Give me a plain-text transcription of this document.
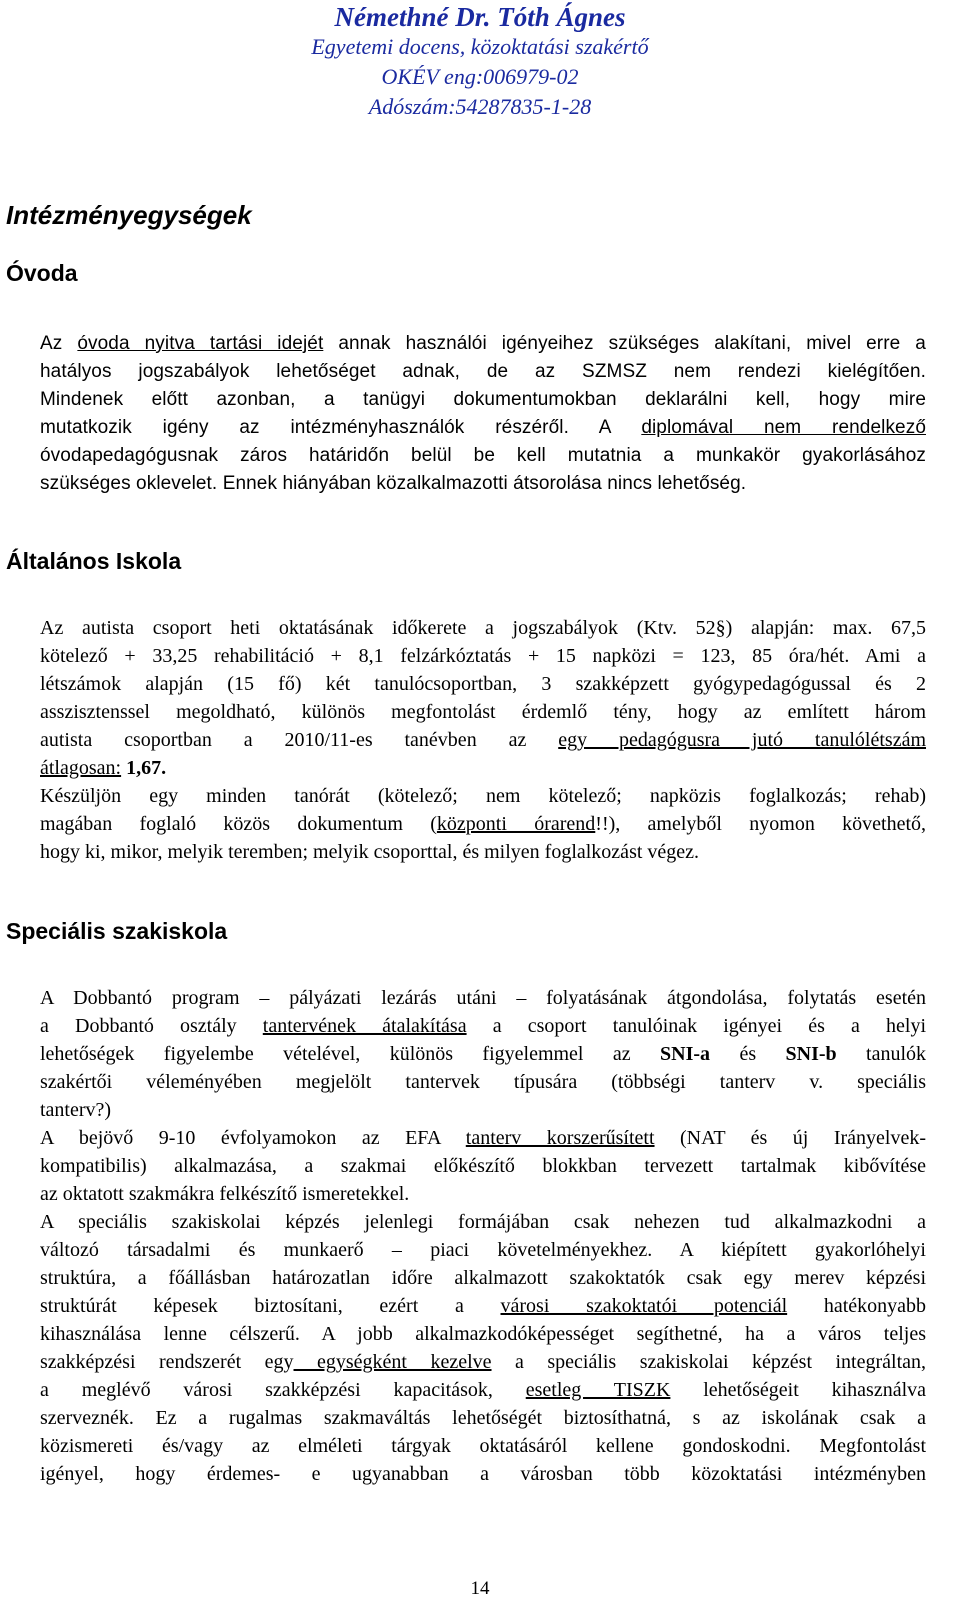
Némethné Dr. Tóth Ágnes
Egyetemi docens, közoktatási szakértő
OKÉV eng:006979-02
Adószám:54287835-1-28
Intézményegységek
Óvoda
Az óvoda nyitva tartási idejét annak használói igényeihez szükséges alakítani, mivel erre a
hatályos jogszabályok lehetőséget adnak, de az SZMSZ nem rendezi kielégítően.
Mindenek előtt azonban, a tanügyi dokumentumokban deklarálni kell, hogy mire
mutatkozik igény az intézményhasználók részéről. A diplomával nem rendelkező
óvodapedagógusnak záros határidőn belül be kell mutatnia a munkakör gyakorlásához
szükséges oklevelet. Ennek hiányában közalkalmazotti átsorolása nincs lehetőség.
Általános Iskola
Az autista csoport heti oktatásának időkerete a jogszabályok (Ktv. 52§) alapján: max. 67,5
kötelező + 33,25 rehabilitáció + 8,1 felzárkóztatás + 15 napközi = 123, 85 óra/hét. Ami a
létszámok alapján (15 fő) két tanulócsoportban, 3 szakképzett gyógypedagógussal és 2
asszisztenssel megoldható, különös megfontolást érdemlő tény, hogy az említett három
autista csoportban a 2010/11-es tanévben az egy pedagógusra jutó tanulólétszám
átlagosan: 1,67.
Készüljön egy minden tanórát (kötelező; nem kötelező; napközis foglalkozás; rehab)
magában foglaló közös dokumentum (központi órarend!!), amelyből nyomon követhető,
hogy ki, mikor, melyik teremben; melyik csoporttal, és milyen foglalkozást végez.
Speciális szakiskola
A Dobbantó program – pályázati lezárás utáni – folyatásának átgondolása, folytatás esetén
a Dobbantó osztály tantervének átalakítása a csoport tanulóinak igényei és a helyi
lehetőségek figyelembe vételével, különös figyelemmel az SNI-a és SNI-b tanulók
szakértői véleményében megjelölt tantervek típusára (többségi tanterv v. speciális
tanterv?)
A bejövő 9-10 évfolyamokon az EFA tanterv korszerűsített (NAT és új Irányelvek-
kompatibilis) alkalmazása, a szakmai előkészítő blokkban tervezett tartalmak kibővítése
az oktatott szakmákra felkészítő ismeretekkel.
A speciális szakiskolai képzés jelenlegi formájában csak nehezen tud alkalmazkodni a
változó társadalmi és munkaerő – piaci követelményekhez. A kiépített gyakorlóhelyi
struktúra, a főállásban határozatlan időre alkalmazott szakoktatók csak egy merev képzési
struktúrát képesek biztosítani, ezért a városi szakoktatói potenciál hatékonyabb
kihasználása lenne célszerű. A jobb alkalmazkodóképességet segíthetné, ha a város teljes
szakképzési rendszerét egy egységként kezelve a speciális szakiskolai képzést integráltan,
a meglévő városi szakképzési kapacitások, esetleg TISZK lehetőségeit kihasználva
szerveznék. Ez a rugalmas szakmaváltás lehetőségét biztosíthatná, s az iskolának csak a
közismereti és/vagy az elméleti tárgyak oktatásáról kellene gondoskodni. Megfontolást
igényel, hogy érdemes- e ugyanabban a városban több közoktatási intézményben
14
